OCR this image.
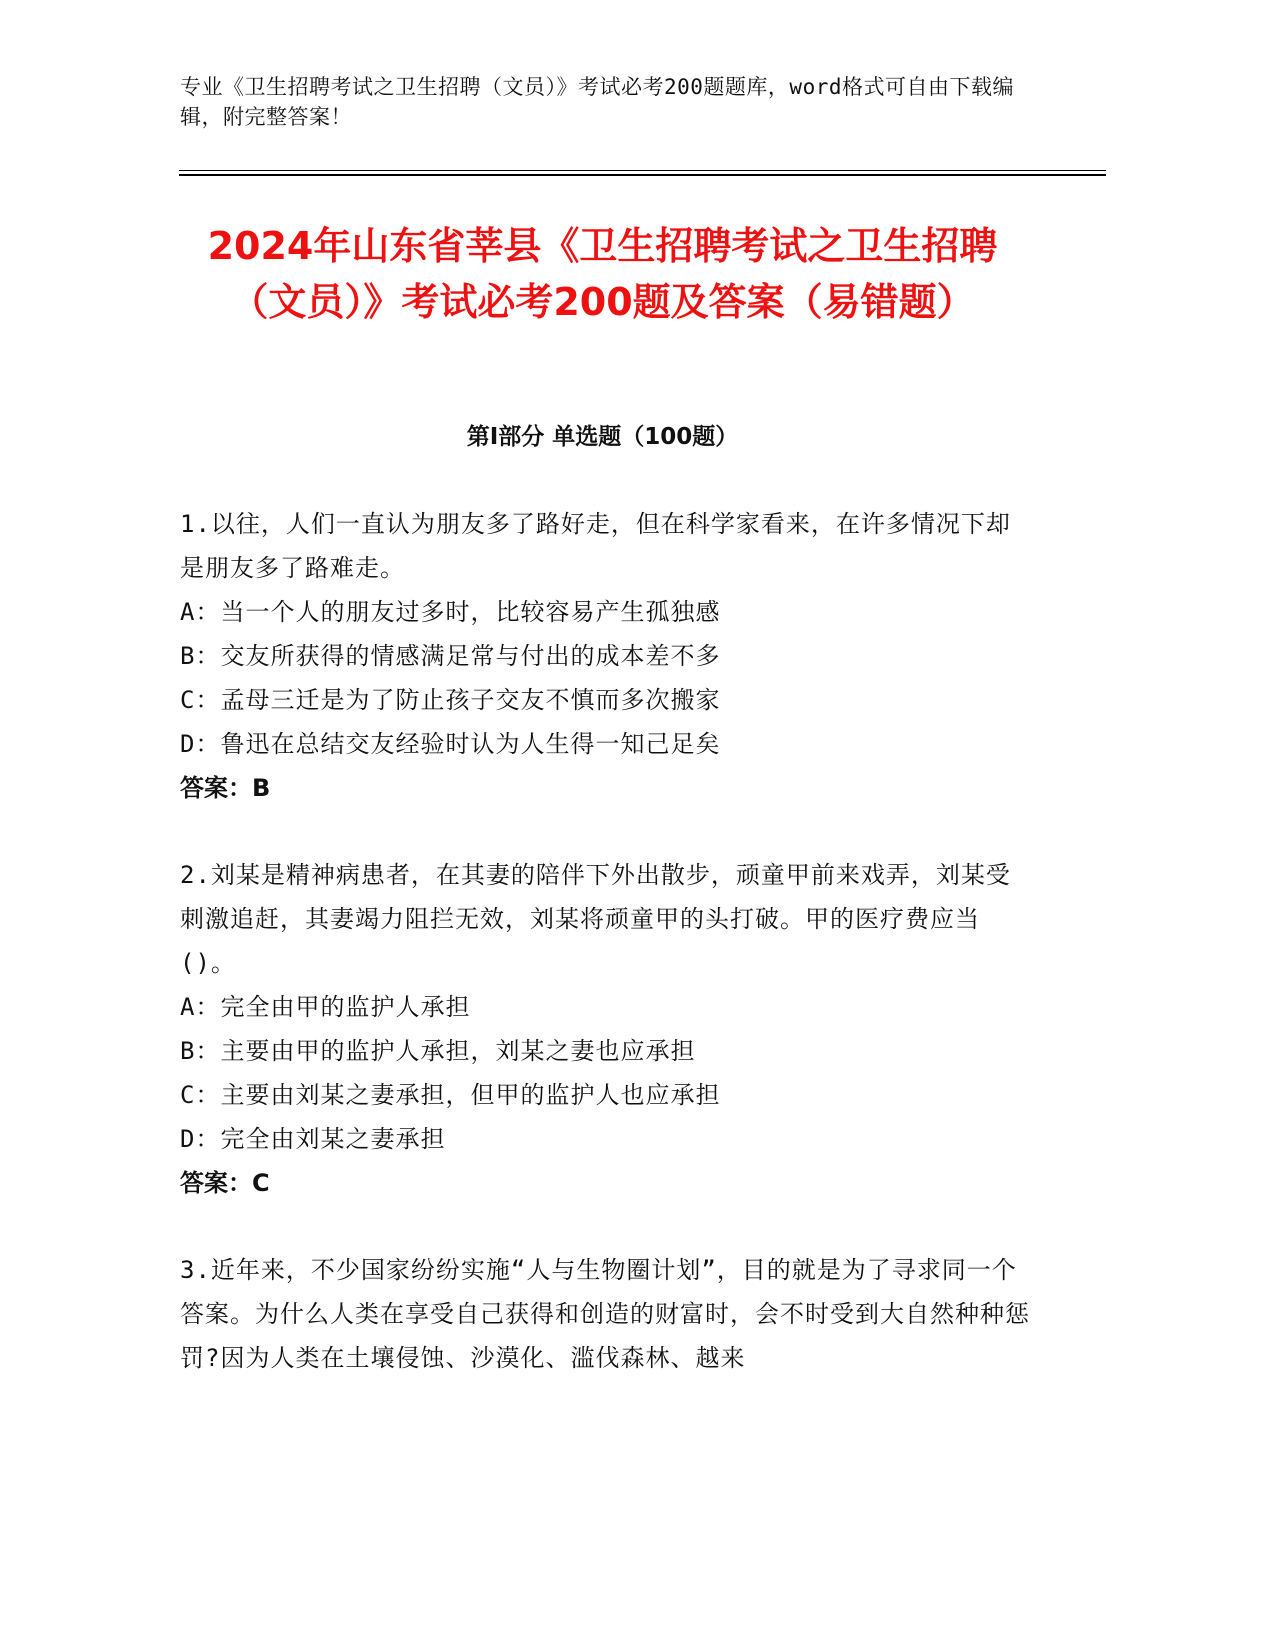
专业《卫生招聘考试之卫生招聘（文员）》考试必考200题题库，word格式可自由下载编辑，附完整答案！
2024年山东省莘县《卫生招聘考试之卫生招聘（文员）》考试必考200题及答案（易错题）
第I部分 单选题（100题）
1.以往，人们一直认为朋友多了路好走，但在科学家看来，在许多情况下却是朋友多了路难走。
A：当一个人的朋友过多时，比较容易产生孤独感
B：交友所获得的情感满足常与付出的成本差不多
C：孟母三迁是为了防止孩子交友不慎而多次搬家
D：鲁迅在总结交友经验时认为人生得一知己足矣
答案：B
2.刘某是精神病患者，在其妻的陪伴下外出散步，顽童甲前来戏弄，刘某受刺激追赶，其妻竭力阻拦无效，刘某将顽童甲的头打破。甲的医疗费应当()。
A：完全由甲的监护人承担
B：主要由甲的监护人承担，刘某之妻也应承担
C：主要由刘某之妻承担，但甲的监护人也应承担
D：完全由刘某之妻承担
答案：C
3.近年来，不少国家纷纷实施“人与生物圈计划”，目的就是为了寻求同一个答案。为什么人类在享受自己获得和创造的财富时，会不时受到大自然种种惩罚?因为人类在土壤侵蚀、沙漠化、滥伐森林、越来
